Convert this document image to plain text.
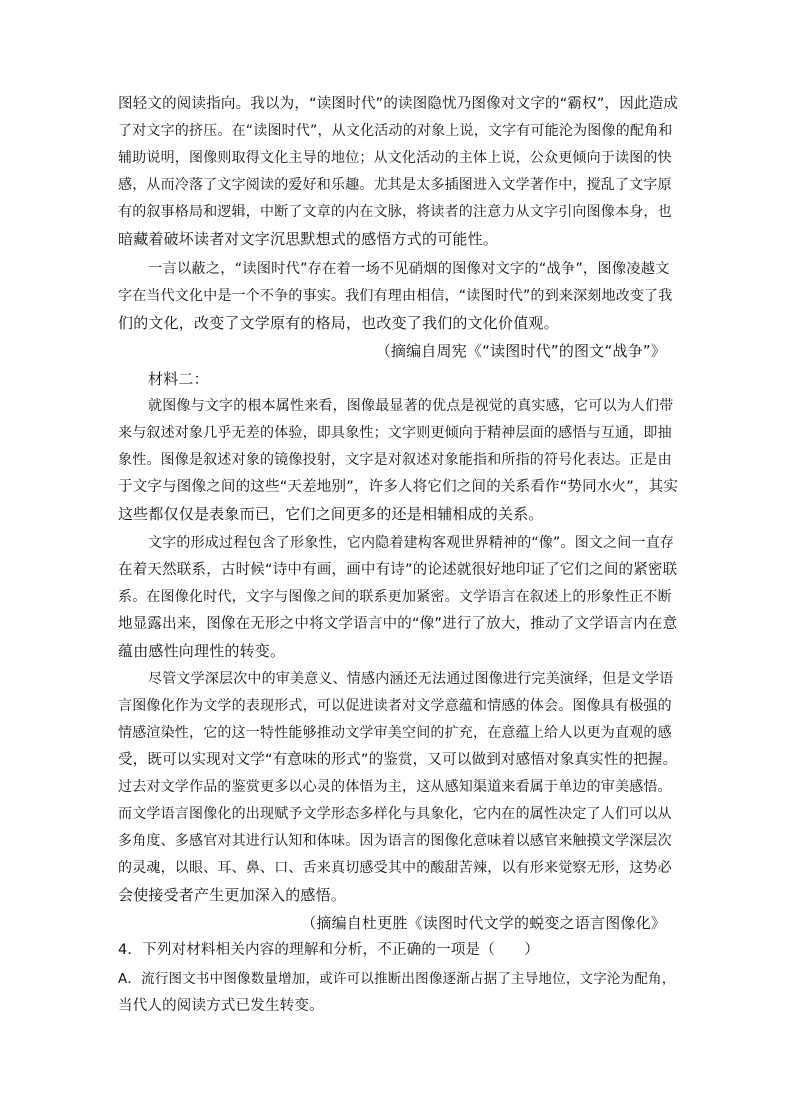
图轻文的阅读指向。我以为，“读图时代”的读图隐忧乃图像对文字的“霸权”，因此造成
了对文字的挤压。在“读图时代”，从文化活动的对象上说，文字有可能沦为图像的配角和
辅助说明，图像则取得文化主导的地位；从文化活动的主体上说，公众更倾向于读图的快
感，从而冷落了文字阅读的爱好和乐趣。尤其是太多插图进入文学著作中，搅乱了文字原
有的叙事格局和逻辑，中断了文章的内在文脉，将读者的注意力从文字引向图像本身，也
暗藏着破坏读者对文字沉思默想式的感悟方式的可能性。
一言以蔽之，“读图时代”存在着一场不见硝烟的图像对文字的“战争”，图像凌越文
字在当代文化中是一个不争的事实。我们有理由相信，“读图时代”的到来深刻地改变了我
们的文化，改变了文学原有的格局，也改变了我们的文化价值观。
（摘编自周宪《“读图时代”的图文“战争”》
材料二：
就图像与文字的根本属性来看，图像最显著的优点是视觉的真实感，它可以为人们带
来与叙述对象几乎无差的体验，即具象性；文字则更倾向于精神层面的感悟与互通，即抽
象性。图像是叙述对象的镜像投射，文字是对叙述对象能指和所指的符号化表达。正是由
于文字与图像之间的这些“天差地别”，许多人将它们之间的关系看作“势同水火”，其实
这些都仅仅是表象而已，它们之间更多的还是相辅相成的关系。
文字的形成过程包含了形象性，它内隐着建构客观世界精神的“像”。图文之间一直存
在着天然联系，古时候“诗中有画，画中有诗”的论述就很好地印证了它们之间的紧密联
系。在图像化时代，文字与图像之间的联系更加紧密。文学语言在叙述上的形象性正不断
地显露出来，图像在无形之中将文学语言中的“像”进行了放大，推动了文学语言内在意
蕴由感性向理性的转变。
尽管文学深层次中的审美意义、情感内涵还无法通过图像进行完美演绎，但是文学语
言图像化作为文学的表现形式，可以促进读者对文学意蕴和情感的体会。图像具有极强的
情感渲染性，它的这一特性能够推动文学审美空间的扩充，在意蕴上给人以更为直观的感
受，既可以实现对文学“有意味的形式”的鉴赏，又可以做到对感悟对象真实性的把握。
过去对文学作品的鉴赏更多以心灵的体悟为主，这从感知渠道来看属于单边的审美感悟。
而文学语言图像化的出现赋予文学形态多样化与具象化，它内在的属性决定了人们可以从
多角度、多感官对其进行认知和体味。因为语言的图像化意味着以感官来触摸文学深层次
的灵魂，以眼、耳、鼻、口、舌来真切感受其中的酸甜苦辣，以有形来觉察无形，这势必
会使接受者产生更加深入的感悟。
（摘编自杜更胜《读图时代文学的蜕变之语言图像化》
4．下列对材料相关内容的理解和分析，不正确的一项是（　　）
A．流行图文书中图像数量增加，或许可以推断出图像逐渐占据了主导地位，文字沦为配角，
当代人的阅读方式已发生转变。
